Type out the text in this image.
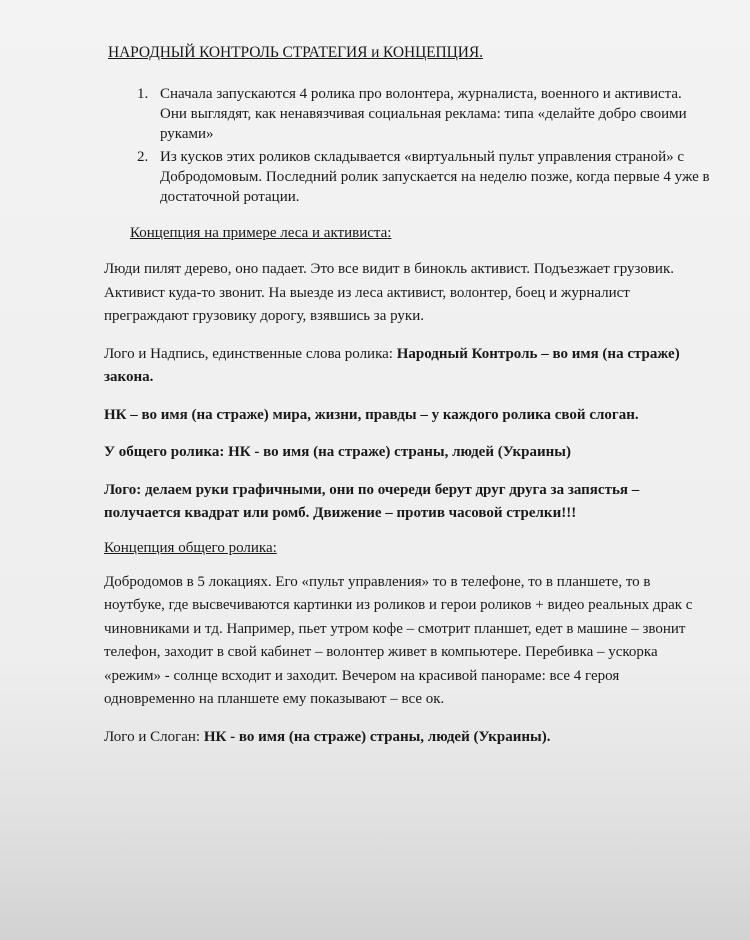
НАРОДНЫЙ КОНТРОЛЬ СТРАТЕГИЯ и КОНЦЕПЦИЯ.
1. Сначала запускаются 4 ролика про волонтера, журналиста, военного и активиста. Они выглядят, как ненавязчивая социальная реклама: типа «делайте добро своими руками»
2. Из кусков этих роликов складывается «виртуальный пульт управления страной» с Добродомовым. Последний ролик запускается на неделю позже, когда первые 4 уже в достаточной ротации.
Концепция на примере леса и активиста:

Люди пилят дерево, оно падает. Это все видит в бинокль активист. Подъезжает грузовик. Активист куда-то звонит. На выезде из леса активист, волонтер, боец и журналист преграждают грузовику дорогу, взявшись за руки.

Лого и Надпись, единственные слова ролика: Народный Контроль – во имя (на страже) закона.

НК – во имя (на страже) мира, жизни, правды – у каждого ролика свой слоган.

У общего ролика: НК - во имя (на страже) страны, людей (Украины)

Лого: делаем руки графичными, они по очереди берут друг друга за запястья – получается квадрат или ромб. Движение – против часовой стрелки!!!

Концепция общего ролика:

Добродомов в 5 локациях. Его «пульт управления» то в телефоне, то в планшете, то в ноутбуке, где высвечиваются картинки из роликов и герои роликов + видео реальных драк с чиновниками и тд. Например, пьет утром кофе – смотрит планшет, едет в машине – звонит телефон, заходит в свой кабинет – волонтер живет в компьютере. Перебивка – ускорка «режим» - солнце всходит и заходит. Вечером на красивой панораме: все 4 героя одновременно на планшете ему показывают – все ок.

Лого и Слоган: НК - во имя (на страже) страны, людей (Украины).
